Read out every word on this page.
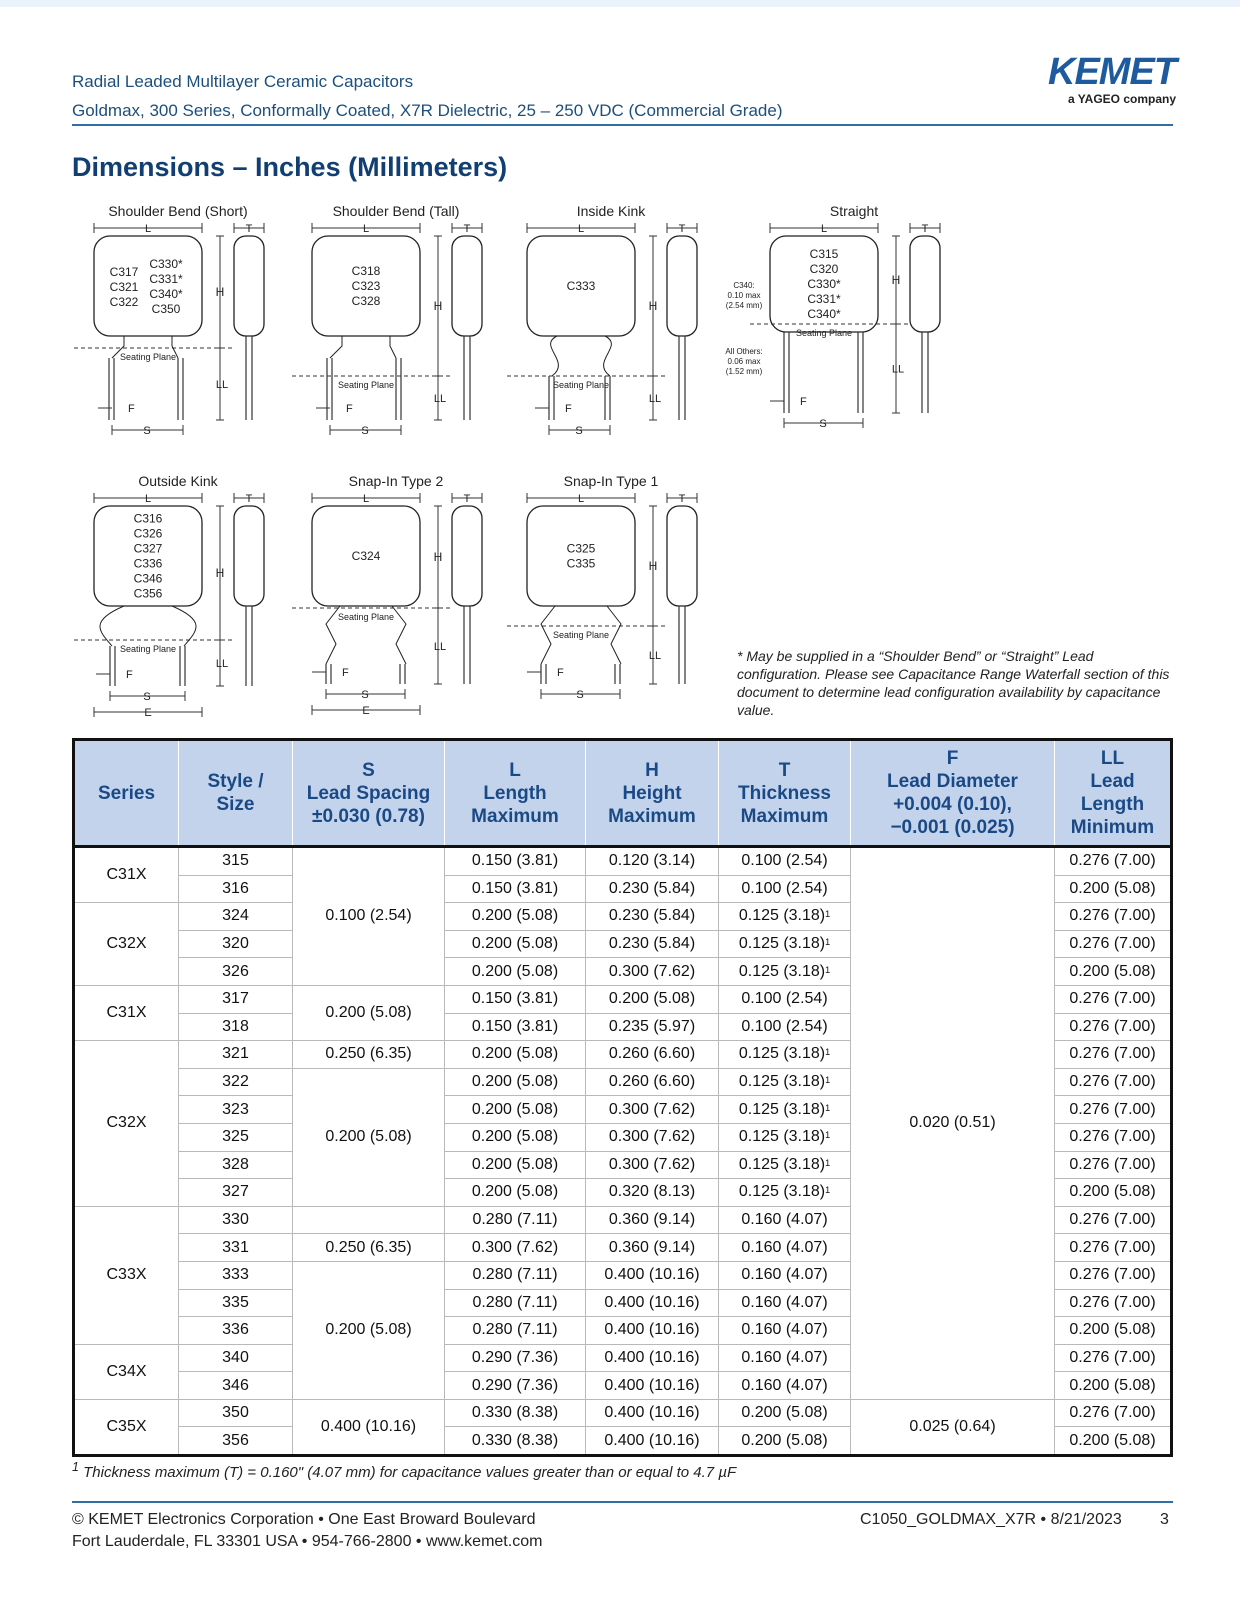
Radial Leaded Multilayer Ceramic Capacitors
Goldmax, 300 Series, Conformally Coated, X7R Dielectric, 25 – 250 VDC (Commercial Grade)
KEMET
a YAGEO company
Dimensions – Inches (Millimeters)
Shoulder Bend (Short)
L	T
H
LL
Seating Plane
F
S
C317
C321
C322
C330*
C331*
C340*
C350
Shoulder Bend (Tall)
L	T
H
LL
Seating Plane
F
S
C318
C323
C328
Inside Kink
L	T
H
LL
Seating Plane
F
S
C333
Straight
L	T
H
LL
Seating Plane
F
S
C315
C320
C330*
C331*
C340*
C340:
0.10 max
(2.54 mm)
All Others:
0.06 max
(1.52 mm)
Outside Kink
L	T
H
LL
Seating Plane
F
S
E
C316
C326
C327
C336
C346
C356
Snap-In Type 2
L	T
H
LL
Seating Plane
F
S
E
C324
Snap-In Type 1
L	T
H
LL
Seating Plane
F
S
C325
C335
* May be supplied in a “Shoulder Bend” or “Straight” Lead configuration. Please see Capacitance Range Waterfall section of this document to determine lead configuration availability by capacitance value.
Series	Style /
Size	S
Lead Spacing
±0.030 (0.78)	L
Length
Maximum	H
Height
Maximum	T
Thickness
Maximum	F
Lead Diameter
+0.004 (0.10),
−0.001 (0.025)	LL
Lead Length
Minimum
C31X	315	0.100 (2.54)	0.150 (3.81)	0.120 (3.14)	0.100 (2.54)	0.020 (0.51)	0.276 (7.00)
	316		0.150 (3.81)	0.230 (5.84)	0.100 (2.54)		0.200 (5.08)
C32X	324		0.200 (5.08)	0.230 (5.84)	0.125 $(3.18)^1$		0.276 (7.00)
	320		0.200 (5.08)	0.230 (5.84)	0.125 $(3.18)^1$		0.276 (7.00)
	326		0.200 (5.08)	0.300 (7.62)	0.125 $(3.18)^1$		0.200 (5.08)
C31X	317	0.200 (5.08)	0.150 (3.81)	0.200 (5.08)	0.100 (2.54)		0.276 (7.00)
	318		0.150 (3.81)	0.235 (5.97)	0.100 (2.54)		0.276 (7.00)
C32X	321	0.250 (6.35)	0.200 (5.08)	0.260 (6.60)	0.125 $(3.18)^1$		0.276 (7.00)
	322	0.200 (5.08)	0.200 (5.08)	0.260 (6.60)	0.125 $(3.18)^1$		0.276 (7.00)
	323		0.200 (5.08)	0.300 (7.62)	0.125 $(3.18)^1$		0.276 (7.00)
	325		0.200 (5.08)	0.300 (7.62)	0.125 $(3.18)^1$		0.276 (7.00)
	328		0.200 (5.08)	0.300 (7.62)	0.125 $(3.18)^1$		0.276 (7.00)
	327		0.200 (5.08)	0.320 (8.13)	0.125 $(3.18)^1$		0.200 (5.08)
C33X	330		0.280 (7.11)	0.360 (9.14)	0.160 (4.07)		0.276 (7.00)
	331	0.250 (6.35)	0.300 (7.62)	0.360 (9.14)	0.160 (4.07)		0.276 (7.00)
	333	0.200 (5.08)	0.280 (7.11)	0.400 (10.16)	0.160 (4.07)		0.276 (7.00)
	335		0.280 (7.11)	0.400 (10.16)	0.160 (4.07)		0.276 (7.00)
	336		0.280 (7.11)	0.400 (10.16)	0.160 (4.07)		0.200 (5.08)
C34X	340		0.290 (7.36)	0.400 (10.16)	0.160 (4.07)		0.276 (7.00)
	346		0.290 (7.36)	0.400 (10.16)	0.160 (4.07)		0.200 (5.08)
C35X	350	0.400 (10.16)	0.330 (8.38)	0.400 (10.16)	0.200 (5.08)	0.025 (0.64)	0.276 (7.00)
	356		0.330 (8.38)	0.400 (10.16)	0.200 (5.08)		0.200 (5.08)
$^1$ Thickness maximum (T) = 0.160" (4.07 mm) for capacitance values greater than or equal to 4.7 µF
© KEMET Electronics Corporation • One East Broward Boulevard
Fort Lauderdale, FL 33301 USA • 954-766-2800 • www.kemet.com
C1050_GOLDMAX_X7R • 8/21/2023 3
